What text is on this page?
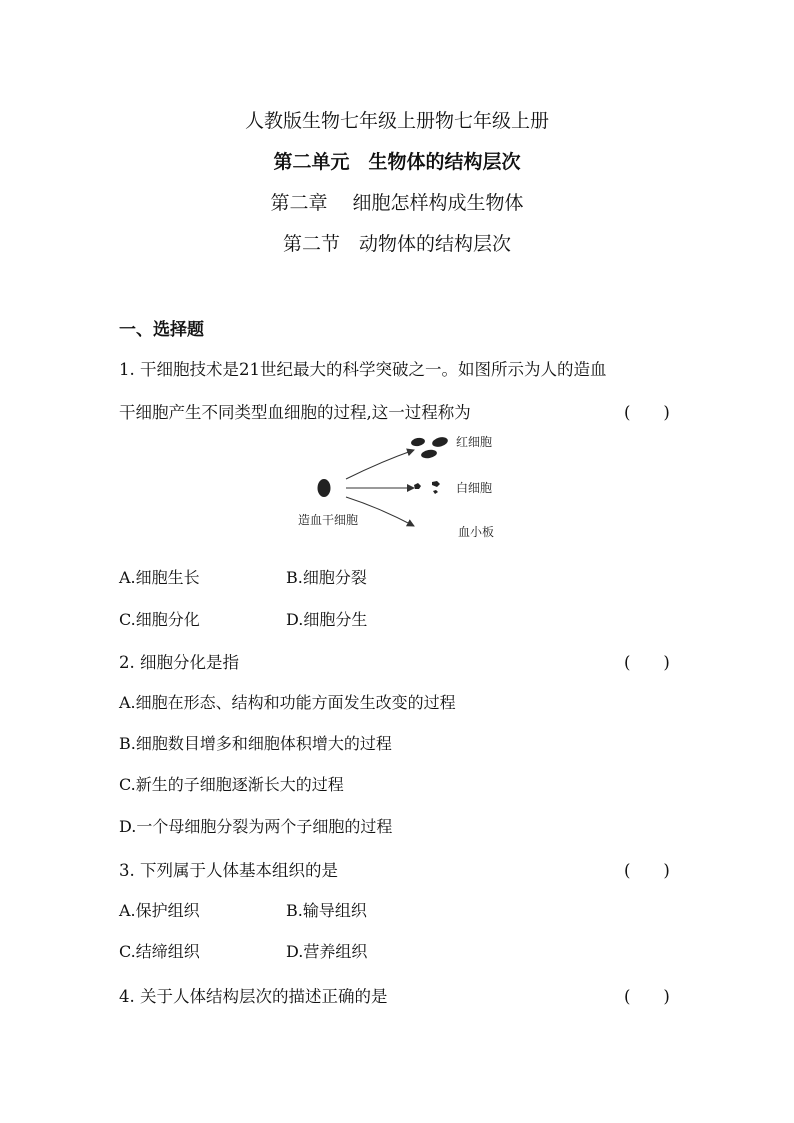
人教版生物七年级上册物七年级上册
第二单元　生物体的结构层次
第二章　 细胞怎样构成生物体
第二节　动物体的结构层次
一、选择题
1. 干细胞技术是21世纪最大的科学突破之一。如图所示为人的造血
干细胞产生不同类型血细胞的过程,这一过程称为	(　　)
红细胞
白细胞
血小板
造血干细胞
A.细胞生长	B.细胞分裂
C.细胞分化	D.细胞分生
2. 细胞分化是指	(　　)
A.细胞在形态、结构和功能方面发生改变的过程
B.细胞数目增多和细胞体积增大的过程
C.新生的子细胞逐渐长大的过程
D.一个母细胞分裂为两个子细胞的过程
3. 下列属于人体基本组织的是	(　　)
A.保护组织	B.输导组织
C.结缔组织	D.营养组织
4. 关于人体结构层次的描述正确的是	(　　)
